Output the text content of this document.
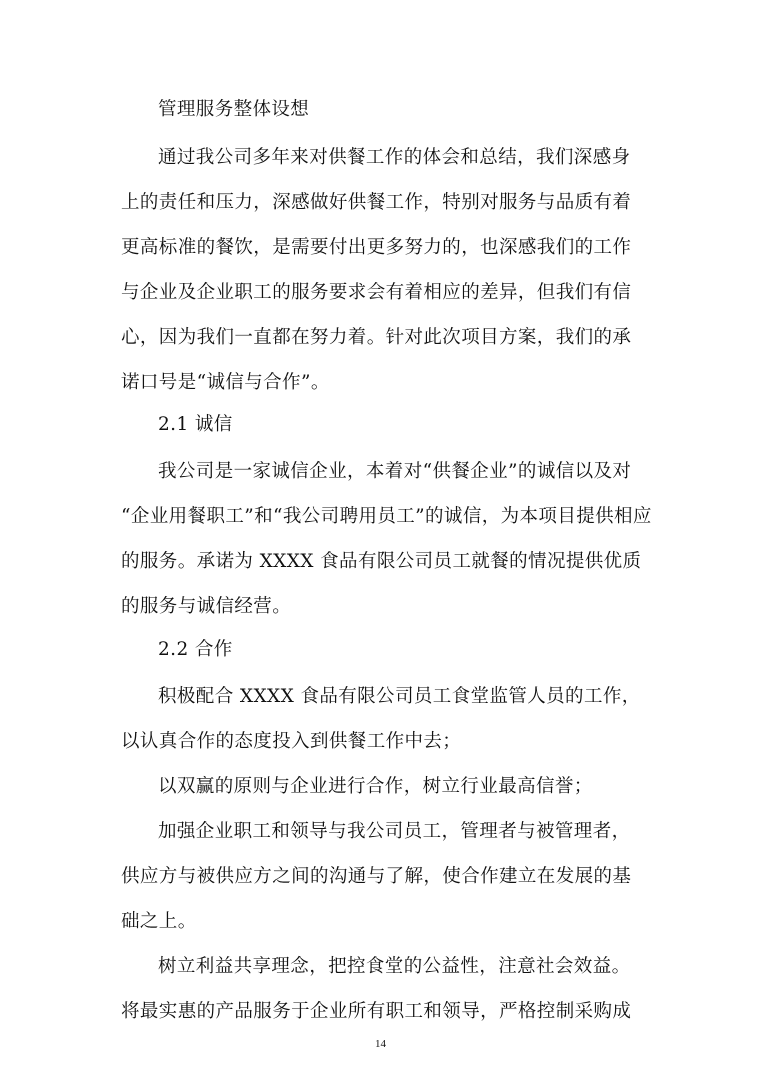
管理服务整体设想
通过我公司多年来对供餐工作的体会和总结，我们深感身
上的责任和压力，深感做好供餐工作，特别对服务与品质有着
更高标准的餐饮，是需要付出更多努力的，也深感我们的工作
与企业及企业职工的服务要求会有着相应的差异，但我们有信
心，因为我们一直都在努力着。针对此次项目方案，我们的承
诺口号是“诚信与合作”。
2.1 诚信
我公司是一家诚信企业，本着对“供餐企业”的诚信以及对
“企业用餐职工”和“我公司聘用员工”的诚信，为本项目提供相应
的服务。承诺为 XXXX 食品有限公司员工就餐的情况提供优质
的服务与诚信经营。
2.2 合作
积极配合 XXXX 食品有限公司员工食堂监管人员的工作，
以认真合作的态度投入到供餐工作中去；
以双赢的原则与企业进行合作，树立行业最高信誉；
加强企业职工和领导与我公司员工，管理者与被管理者，
供应方与被供应方之间的沟通与了解，使合作建立在发展的基
础之上。
树立利益共享理念，把控食堂的公益性，注意社会效益。
将最实惠的产品服务于企业所有职工和领导，严格控制采购成
14
